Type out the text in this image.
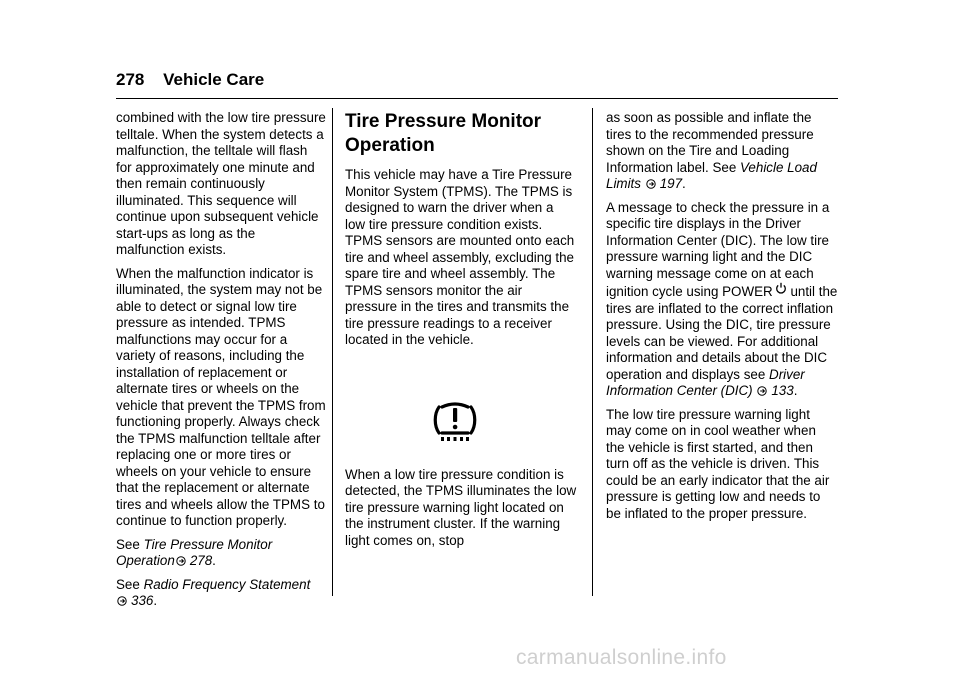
278 Vehicle Care

combined with the low tire pressure telltale. When the system detects a malfunction, the telltale will flash for approximately one minute and then remain continuously illuminated. This sequence will continue upon subsequent vehicle start-ups as long as the malfunction exists.

When the malfunction indicator is illuminated, the system may not be able to detect or signal low tire pressure as intended. TPMS malfunctions may occur for a variety of reasons, including the installation of replacement or alternate tires or wheels on the vehicle that prevent the TPMS from functioning properly. Always check the TPMS malfunction telltale after replacing one or more tires or wheels on your vehicle to ensure that the replacement or alternate tires and wheels allow the TPMS to continue to function properly.

See Tire Pressure Monitor Operation 278.

See Radio Frequency Statement
336.

Tire Pressure Monitor Operation

This vehicle may have a Tire Pressure Monitor System (TPMS). The TPMS is designed to warn the driver when a low tire pressure condition exists. TPMS sensors are mounted onto each tire and wheel assembly, excluding the spare tire and wheel assembly. The TPMS sensors monitor the air pressure in the tires and transmits the tire pressure readings to a receiver located in the vehicle.

When a low tire pressure condition is detected, the TPMS illuminates the low tire pressure warning light located on the instrument cluster. If the warning light comes on, stop

as soon as possible and inflate the tires to the recommended pressure shown on the Tire and Loading Information label. See Vehicle Load Limits 197.

A message to check the pressure in a specific tire displays in the Driver Information Center (DIC). The low tire pressure warning light and the DIC warning message come on at each ignition cycle using POWER until the tires are inflated to the correct inflation pressure. Using the DIC, tire pressure levels can be viewed. For additional information and details about the DIC operation and displays see Driver Information Center (DIC) 133.

The low tire pressure warning light may come on in cool weather when the vehicle is first started, and then turn off as the vehicle is driven. This could be an early indicator that the air pressure is getting low and needs to be inflated to the proper pressure.

carmanualsonline.info
